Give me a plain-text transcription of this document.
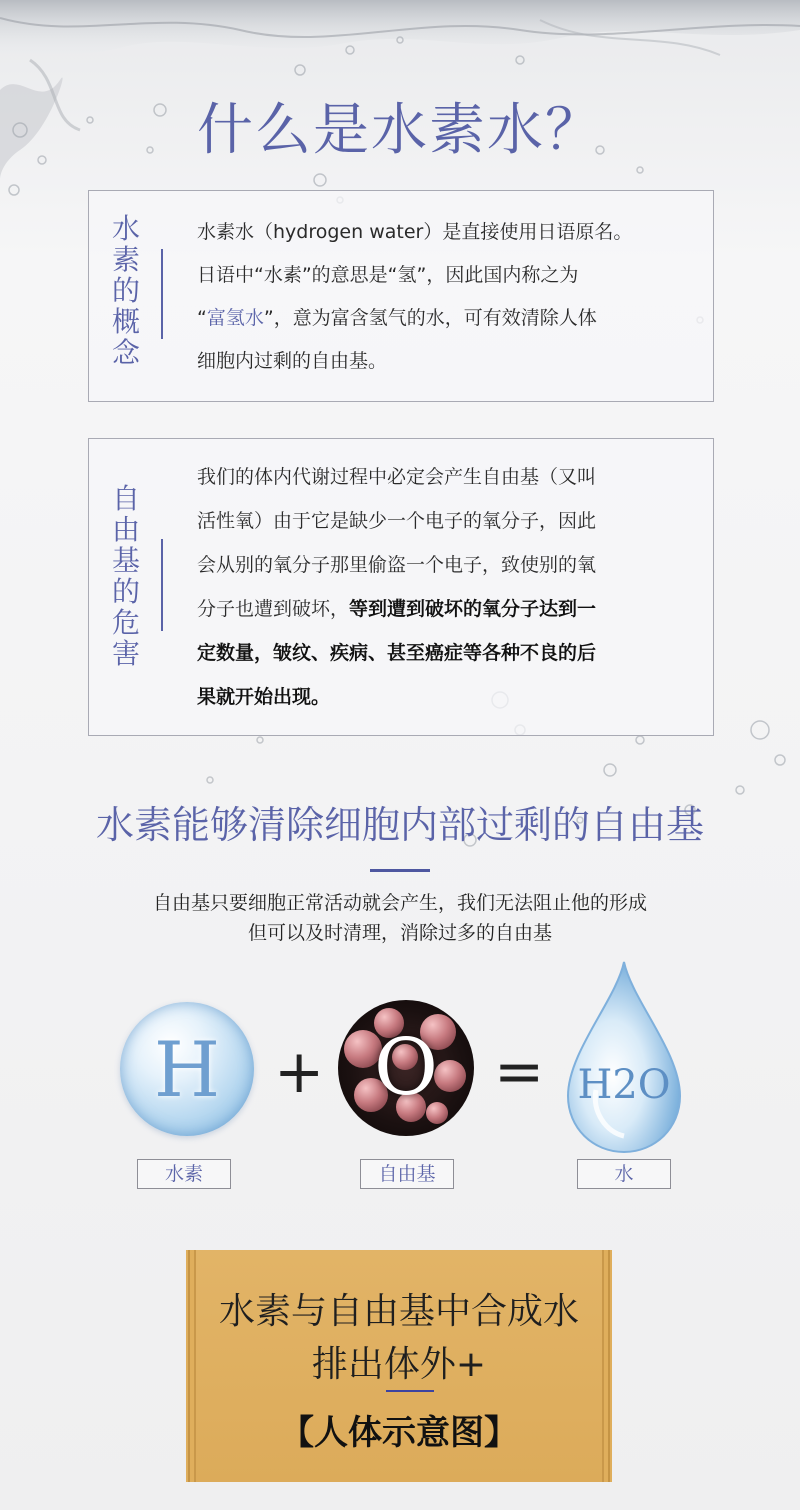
什么是水素水？
水素的概念

水素水（hydrogen water）是直接使用日语原名。
日语中“水素”的意思是“氢”，因此国内称之为
“富氢水”，意为富含氢气的水，可有效清除人体
细胞内过剩的自由基。

自由基的危害

我们的体内代谢过程中必定会产生自由基（又叫
活性氧）由于它是缺少一个电子的氧分子，因此
会从别的氧分子那里偷盗一个电子，致使别的氧
分子也遭到破坏，等到遭到破坏的氧分子达到一
定数量，皱纹、疾病、甚至癌症等各种不良的后
果就开始出现。

水素能够清除细胞内部过剩的自由基

自由基只要细胞正常活动就会产生，我们无法阻止他的形成
但可以及时清理，消除过多的自由基

H + O = H2O
水素	自由基	水

水素与自由基中合成水

排出体外+

【人体示意图】
